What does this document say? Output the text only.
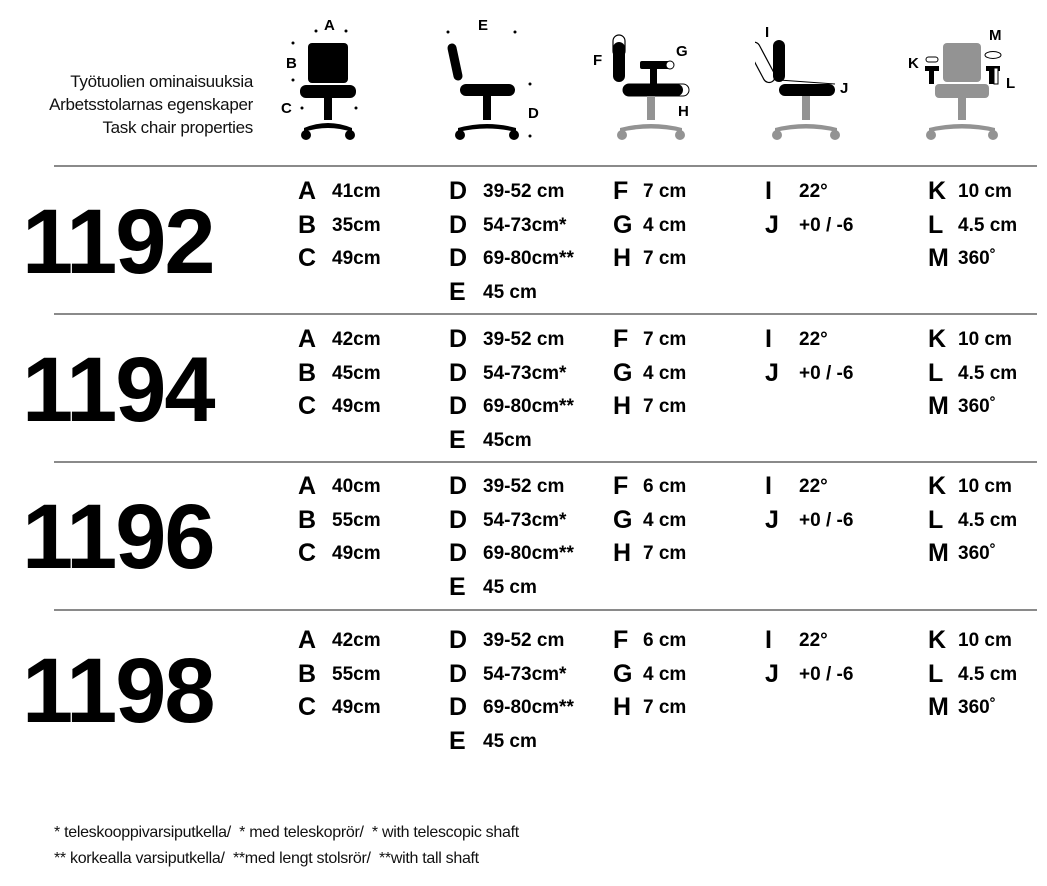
Työtuolien ominaisuuksia
Arbetsstolarnas egenskaper
Task chair properties
A
B
C
E
D
F
G
H
I
J
M
K
L
1192	A 41cm
B 35cm
C 49cm
D 39-52 cm
D 54-73cm*
D 69-80cm**
E 45 cm
F 7 cm
G 4 cm
H 7 cm
I	22°
J	+0 / -6
K 10 cm
L 4.5 cm
M 360˚
1194	A 42cm
B 45cm
C 49cm
D 39-52 cm
D 54-73cm*
D 69-80cm**
E 45cm
F 7 cm
G 4 cm
H 7 cm
I	22°
J	+0 / -6
K 10 cm
L 4.5 cm
M 360˚
1196	A 40cm
B 55cm
C 49cm
D 39-52 cm
D 54-73cm*
D 69-80cm**
E 45 cm
F 6 cm
G 4 cm
H 7 cm
I	22°
J	+0 / -6
K 10 cm
L 4.5 cm
M 360˚
1198	A 42cm
B 55cm
C 49cm
D 39-52 cm
D 54-73cm*
D 69-80cm**
E 45 cm
F 6 cm
G 4 cm
H 7 cm
I	22°
J	+0 / -6
K 10 cm
L 4.5 cm
M 360˚
* teleskooppivarsiputkella/  * med teleskoprör/  * with telescopic shaft
** korkealla varsiputkella/  **med lengt stolsrör/  **with tall shaft
